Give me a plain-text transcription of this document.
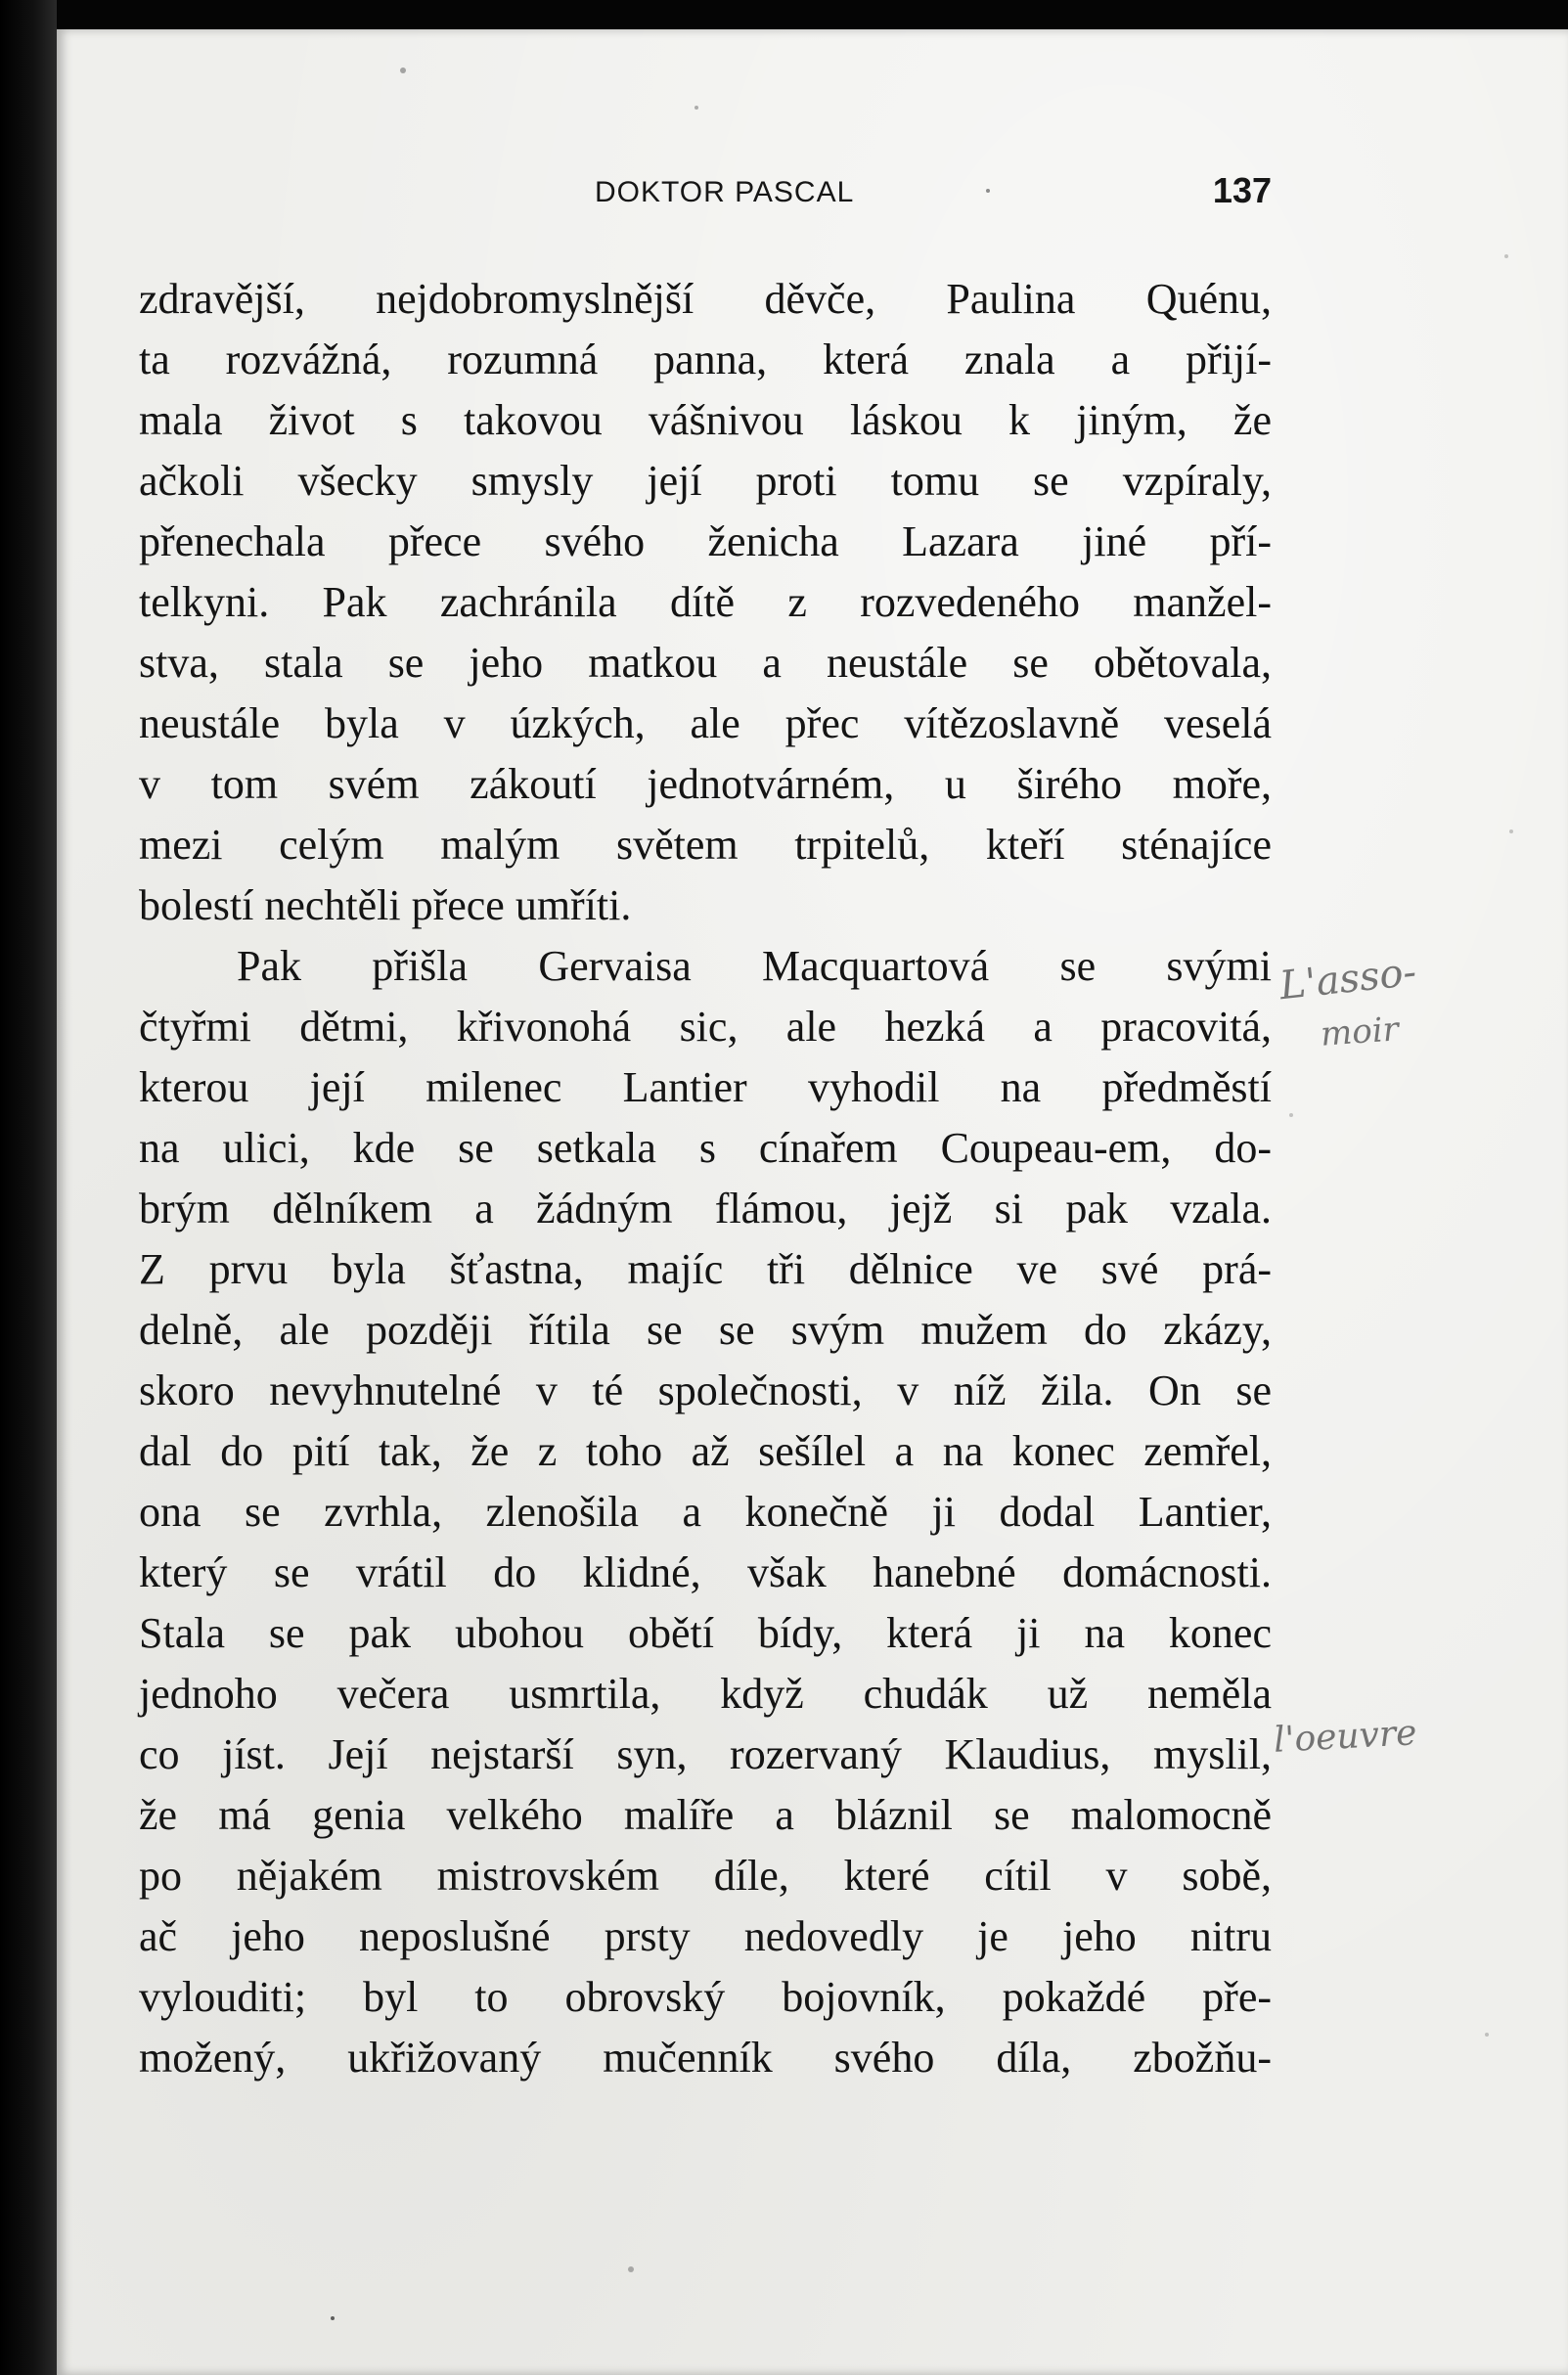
DOKTOR PASCAL	137
zdravější, nejdobromyslnější děvče, Paulina Quénu,
ta rozvážná, rozumná panna, která znala a přijí-
mala život s takovou vášnivou láskou k jiným, že
ačkoli všecky smysly její proti tomu se vzpíraly,
přenechala přece svého ženicha Lazara jiné pří-
telkyni. Pak zachránila dítě z rozvedeného manžel-
stva, stala se jeho matkou a neustále se obětovala,
neustále byla v úzkých, ale přec vítězoslavně veselá
v tom svém zákoutí jednotvárném, u širého moře,
mezi celým malým světem trpitelů, kteří sténajíce
bolestí nechtěli přece umříti.
Pak přišla Gervaisa Macquartová se svými
čtyřmi dětmi, křivonohá sic, ale hezká a pracovitá,
kterou její milenec Lantier vyhodil na předměstí
na ulici, kde se setkala s cínařem Coupeau-em, do-
brým dělníkem a žádným flámou, jejž si pak vzala.
Z prvu byla šťastna, majíc tři dělnice ve své prá-
delně, ale později řítila se se svým mužem do zkázy,
skoro nevyhnutelné v té společnosti, v níž žila. On se
dal do pití tak, že z toho až sešílel a na konec zemřel,
ona se zvrhla, zlenošila a konečně ji dodal Lantier,
který se vrátil do klidné, však hanebné domácnosti.
Stala se pak ubohou obětí bídy, která ji na konec
jednoho večera usmrtila, když chudák už neměla
co jíst. Její nejstarší syn, rozervaný Klaudius, myslil,
že má genia velkého malíře a bláznil se malomocně
po nějakém mistrovském díle, které cítil v sobě,
ač jeho neposlušné prsty nedovedly je jeho nitru
vylouditi; byl to obrovský bojovník, pokaždé pře-
možený, ukřižovaný mučenník svého díla, zbožňu-
L'asso-
moir
l'oeuvre
